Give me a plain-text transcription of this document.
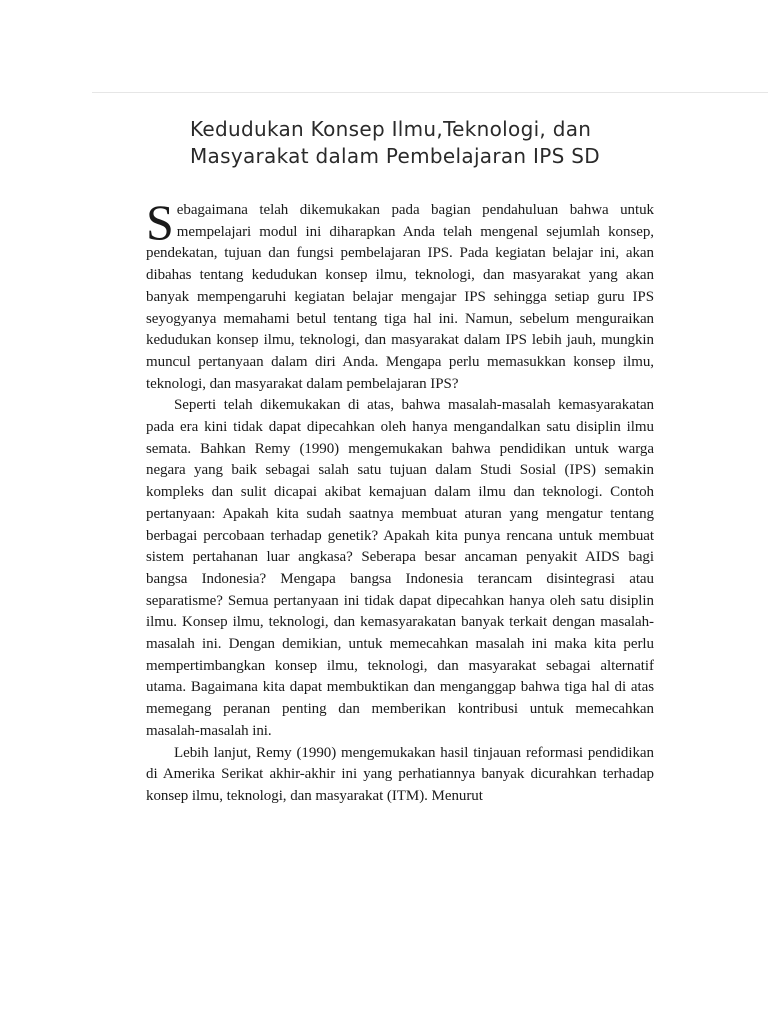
Kedudukan Konsep Ilmu,Teknologi, dan
Masyarakat dalam Pembelajaran IPS SD

Sebagaimana telah dikemukakan pada bagian pendahuluan bahwa untuk mempelajari modul ini diharapkan Anda telah mengenal sejumlah konsep, pendekatan, tujuan dan fungsi pembelajaran IPS. Pada kegiatan belajar ini, akan dibahas tentang kedudukan konsep ilmu, teknologi, dan masyarakat yang akan banyak mempengaruhi kegiatan belajar mengajar IPS sehingga setiap guru IPS seyogyanya memahami betul tentang tiga hal ini. Namun, sebelum menguraikan kedudukan konsep ilmu, teknologi, dan masyarakat dalam IPS lebih jauh, mungkin muncul pertanyaan dalam diri Anda. Mengapa perlu memasukkan konsep ilmu, teknologi, dan masyarakat dalam pembelajaran IPS?

Seperti telah dikemukakan di atas, bahwa masalah-masalah kemasyarakatan pada era kini tidak dapat dipecahkan oleh hanya mengandalkan satu disiplin ilmu semata. Bahkan Remy (1990) mengemukakan bahwa pendidikan untuk warga negara yang baik sebagai salah satu tujuan dalam Studi Sosial (IPS) semakin kompleks dan sulit dicapai akibat kemajuan dalam ilmu dan teknologi. Contoh pertanyaan: Apakah kita sudah saatnya membuat aturan yang mengatur tentang berbagai percobaan terhadap genetik? Apakah kita punya rencana untuk membuat sistem pertahanan luar angkasa? Seberapa besar ancaman penyakit AIDS bagi bangsa Indonesia? Mengapa bangsa Indonesia terancam disintegrasi atau separatisme? Semua pertanyaan ini tidak dapat dipecahkan hanya oleh satu disiplin ilmu. Konsep ilmu, teknologi, dan kemasyarakatan banyak terkait dengan masalah-masalah ini. Dengan demikian, untuk memecahkan masalah ini maka kita perlu mempertimbangkan konsep ilmu, teknologi, dan masyarakat sebagai alternatif utama. Bagaimana kita dapat membuktikan dan menganggap bahwa tiga hal di atas memegang peranan penting dan memberikan kontribusi untuk memecahkan masalah-masalah ini.

Lebih lanjut, Remy (1990) mengemukakan hasil tinjauan reformasi pendidikan di Amerika Serikat akhir-akhir ini yang perhatiannya banyak dicurahkan terhadap konsep ilmu, teknologi, dan masyarakat (ITM). Menurut
